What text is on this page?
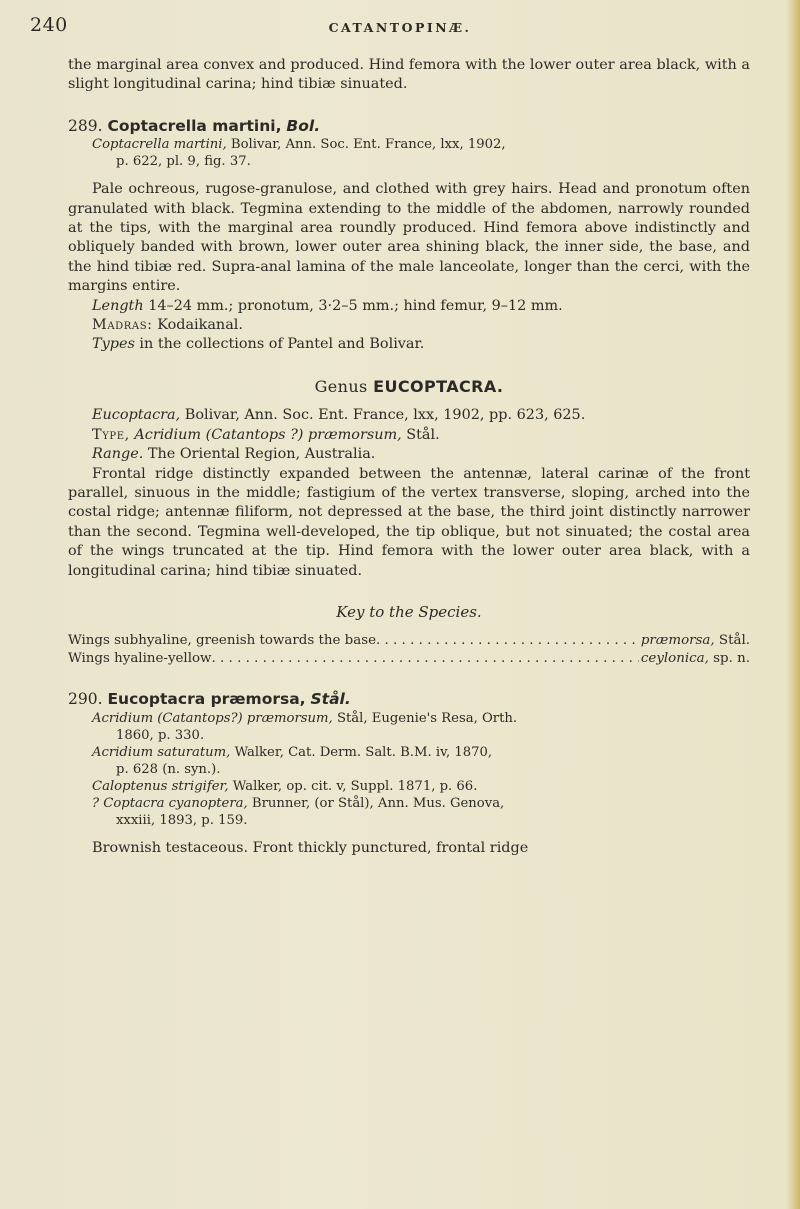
240	CATANTOPINÆ.

the marginal area convex and produced. Hind femora with the lower outer area black, with a slight longitudinal carina; hind tibiæ sinuated.

289. Coptacrella martini, Bol.

Coptacrella martini, Bolivar, Ann. Soc. Ent. France, lxx, 1902,
p. 622, pl. 9, fig. 37.

Pale ochreous, rugose-granulose, and clothed with grey hairs. Head and pronotum often granulated with black. Tegmina extending to the middle of the abdomen, narrowly rounded at the tips, with the marginal area roundly produced. Hind femora above indistinctly and obliquely banded with brown, lower outer area shining black, the inner side, the base, and the hind tibiæ red. Supra-anal lamina of the male lanceolate, longer than the cerci, with the margins entire.

Length 14–24 mm.; pronotum, 3·2–5 mm.; hind femur, 9–12 mm.

Madras: Kodaikanal.

Types in the collections of Pantel and Bolivar.

Genus EUCOPTACRA.

Eucoptacra, Bolivar, Ann. Soc. Ent. France, lxx, 1902, pp. 623, 625.

Type, Acridium (Catantops ?) præmorsum, Stål.

Range. The Oriental Region, Australia.

Frontal ridge distinctly expanded between the antennæ, lateral carinæ of the front parallel, sinuous in the middle; fastigium of the vertex transverse, sloping, arched into the costal ridge; antennæ filiform, not depressed at the base, the third joint distinctly narrower than the second. Tegmina well-developed, the tip oblique, but not sinuated; the costal area of the wings truncated at the tip. Hind femora with the lower outer area black, with a longitudinal carina; hind tibiæ sinuated.

Key to the Species.

Wings subhyaline, greenish towards the base . . .	præmorsa, Stål.
Wings hyaline-yellow . . .	ceylonica, sp. n.

290. Eucoptacra præmorsa, Stål.

Acridium (Catantops?) præmorsum, Stål, Eugenie's Resa, Orth.
1860, p. 330.

Acridium saturatum, Walker, Cat. Derm. Salt. B.M. iv, 1870,
p. 628 (n. syn.).

Caloptenus strigifer, Walker, op. cit. v, Suppl. 1871, p. 66.

? Coptacra cyanoptera, Brunner, (or Stål), Ann. Mus. Genova,
xxxiii, 1893, p. 159.

Brownish testaceous. Front thickly punctured, frontal ridge
